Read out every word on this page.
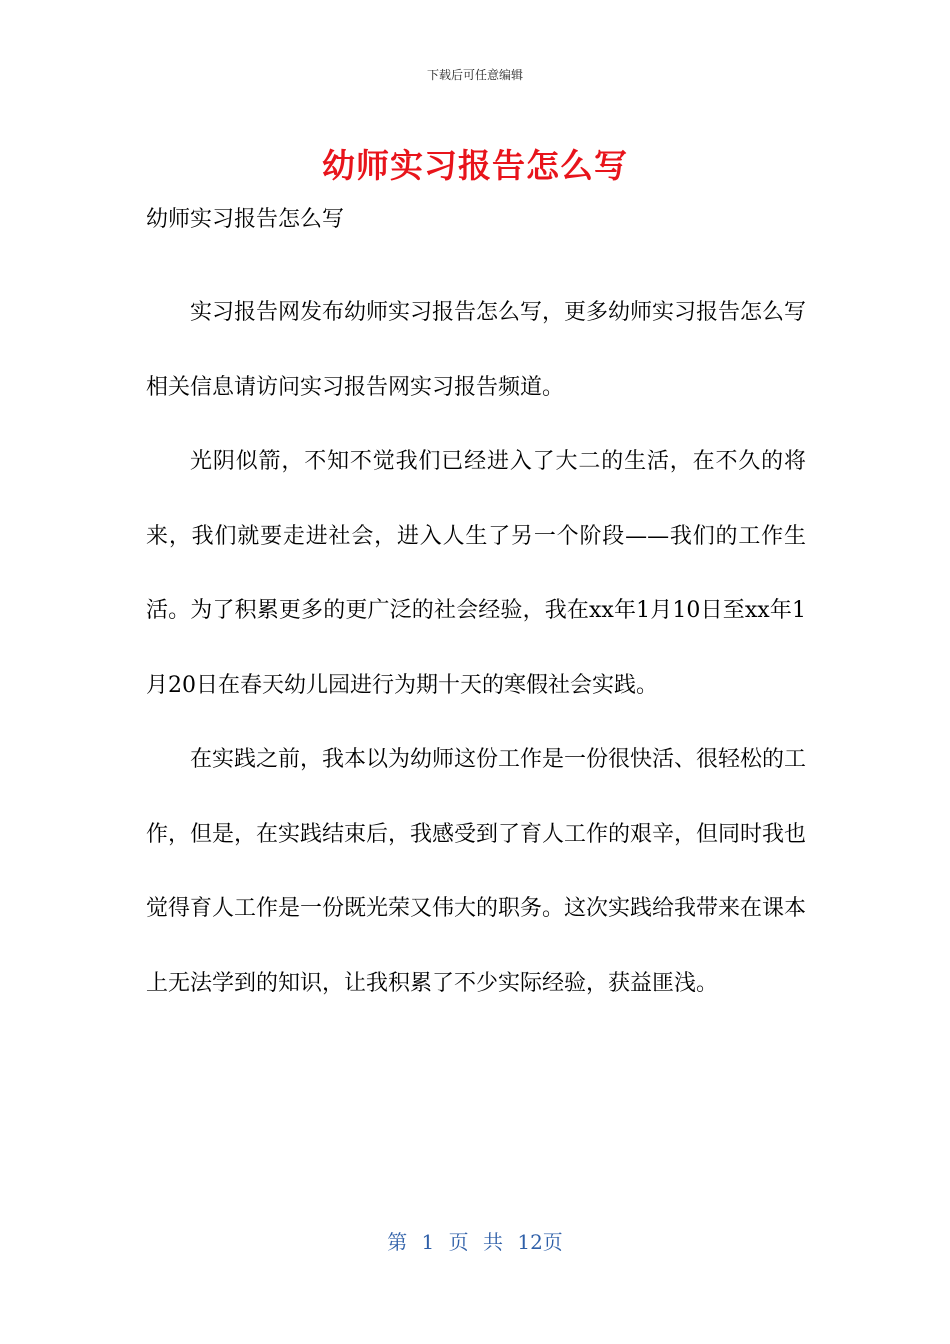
下载后可任意编辑
幼师实习报告怎么写

幼师实习报告怎么写

实习报告网发布幼师实习报告怎么写，更多幼师实习报告怎么写相关信息请访问实习报告网实习报告频道。

光阴似箭，不知不觉我们已经进入了大二的生活，在不久的将来，我们就要走进社会，进入人生了另一个阶段——我们的工作生活。为了积累更多的更广泛的社会经验，我在xx年1月10日至xx年1月20日在春天幼儿园进行为期十天的寒假社会实践。

在实践之前，我本以为幼师这份工作是一份很快活、很轻松的工作，但是，在实践结束后，我感受到了育人工作的艰辛，但同时我也觉得育人工作是一份既光荣又伟大的职务。这次实践给我带来在课本上无法学到的知识，让我积累了不少实际经验，获益匪浅。

第 1 页 共 12页
